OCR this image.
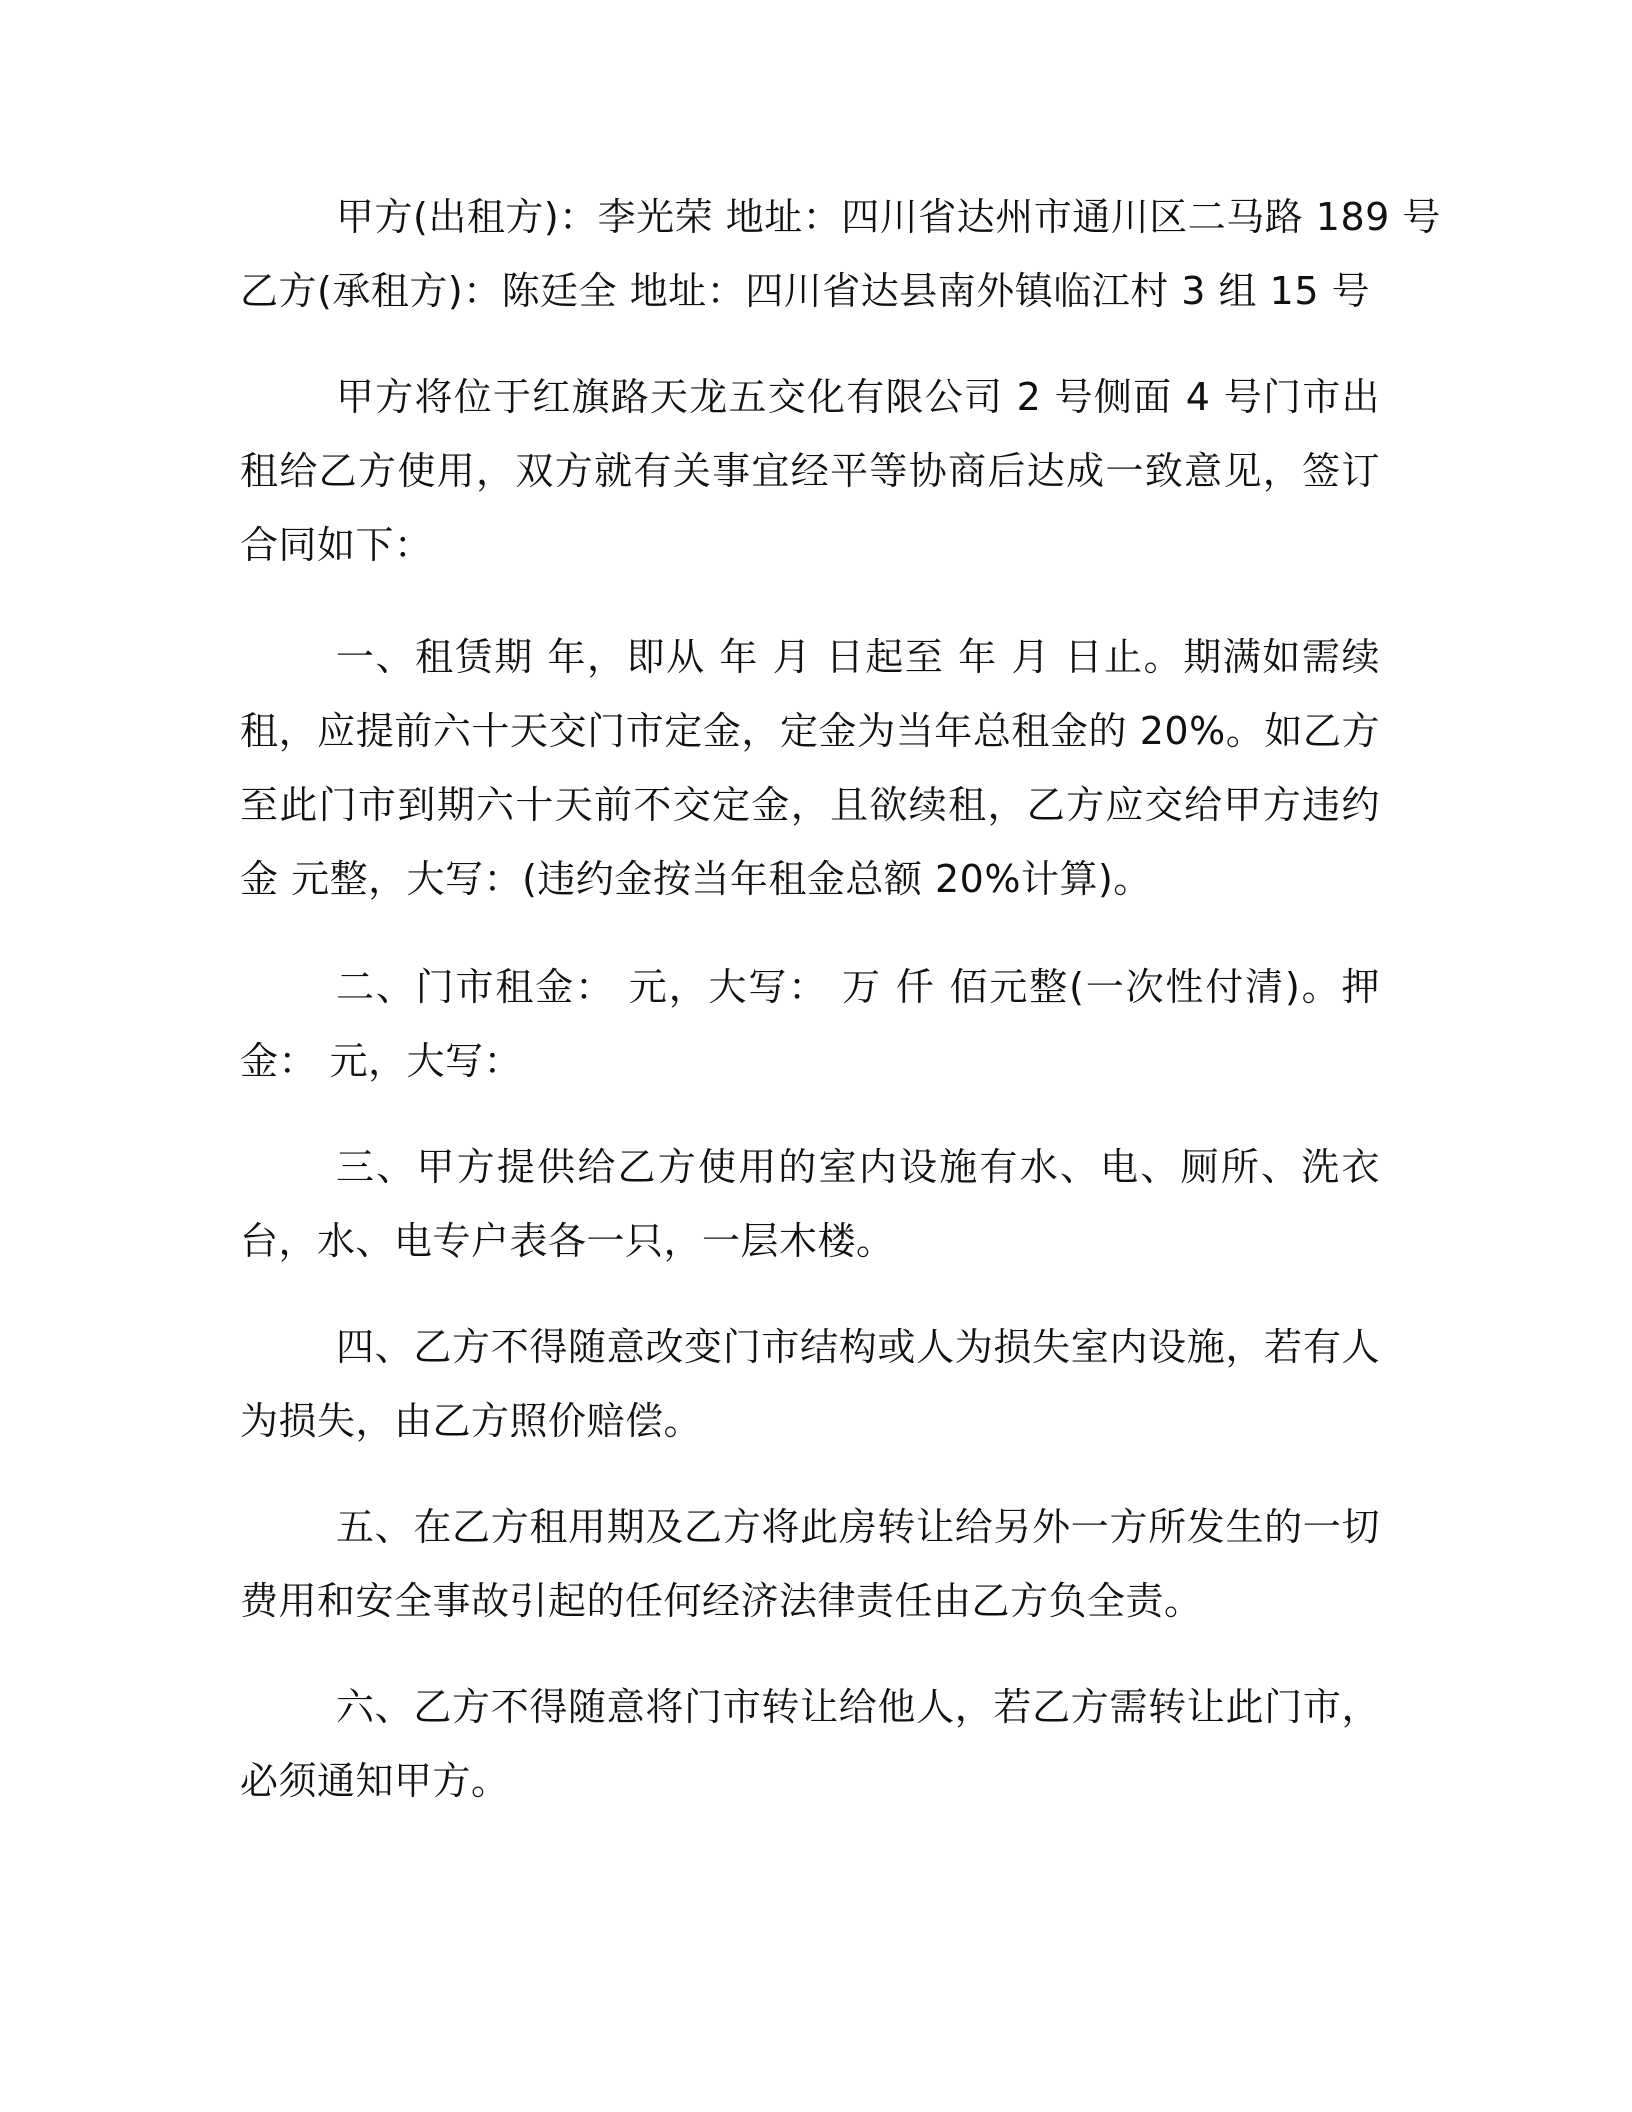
甲方(出租方)：李光荣 地址：四川省达州市通川区二马路 189 号

乙方(承租方)：陈廷全 地址：四川省达县南外镇临江村 3 组 15 号

甲方将位于红旗路天龙五交化有限公司 2 号侧面 4 号门市出租给乙方使用，双方就有关事宜经平等协商后达成一致意见，签订合同如下：

一、租赁期 年，即从 年 月 日起至 年 月 日止。期满如需续租，应提前六十天交门市定金，定金为当年总租金的 20%。如乙方至此门市到期六十天前不交定金，且欲续租，乙方应交给甲方违约金 元整，大写：(违约金按当年租金总额 20%计算)。

二、门市租金： 元，大写： 万 仟 佰元整(一次性付清)。押金： 元，大写：

三、甲方提供给乙方使用的室内设施有水、电、厕所、洗衣台，水、电专户表各一只，一层木楼。

四、乙方不得随意改变门市结构或人为损失室内设施，若有人为损失，由乙方照价赔偿。

五、在乙方租用期及乙方将此房转让给另外一方所发生的一切费用和安全事故引起的任何经济法律责任由乙方负全责。

六、乙方不得随意将门市转让给他人，若乙方需转让此门市，必须通知甲方。
